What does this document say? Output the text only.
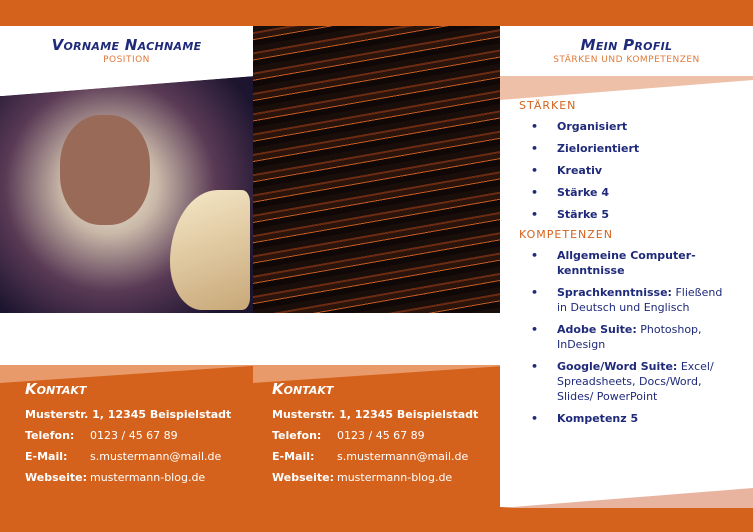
Vorname Nachname
POSITION
Kontakt
Musterstr. 1, 12345 Beispielstadt
Telefon:	0123 / 45 67 89
E-Mail:	s.mustermann@mail.de
Webseite: mustermann-blog.de
Kontakt
Musterstr. 1, 12345 Beispielstadt
Telefon:	0123 / 45 67 89
E-Mail:	s.mustermann@mail.de
Webseite: mustermann-blog.de
Mein Profil
STÄRKEN UND KOMPETENZEN
STÄRKEN
• Organisiert
• Zielorientiert
• Kreativ
• Stärke 4
• Stärke 5
KOMPETENZEN
• Allgemeine Computer-kenntnisse
• Sprachkenntnisse: Fließend in Deutsch und Englisch
• Adobe Suite: Photoshop, InDesign
• Google/Word Suite: Excel/ Spreadsheets, Docs/Word, Slides/ PowerPoint
• Kompetenz 5
